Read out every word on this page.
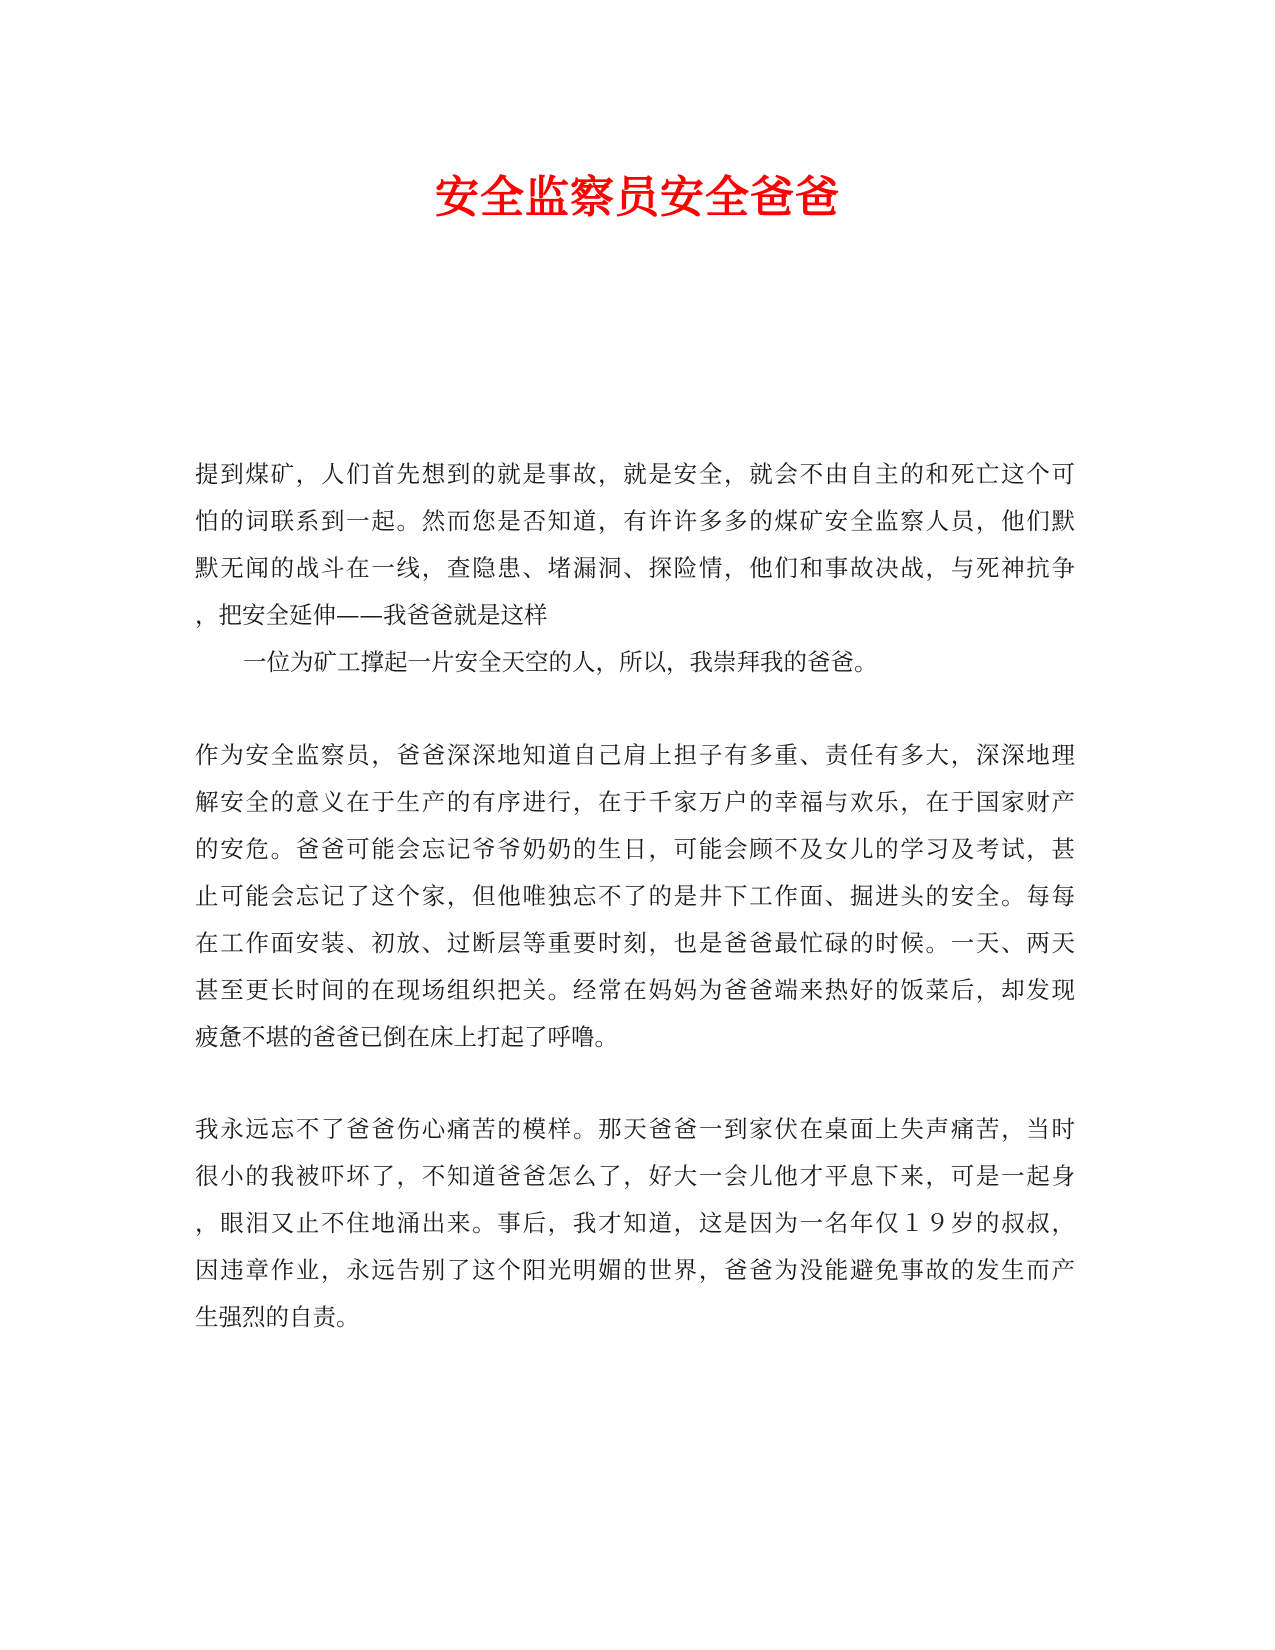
安全监察员安全爸爸
提到煤矿，人们首先想到的就是事故，就是安全，就会不由自主的和死亡这个可
怕的词联系到一起。然而您是否知道，有许许多多的煤矿安全监察人员，他们默
默无闻的战斗在一线，查隐患、堵漏洞、探险情，他们和事故决战，与死神抗争
，把安全延伸——我爸爸就是这样
一位为矿工撑起一片安全天空的人，所以，我崇拜我的爸爸。
作为安全监察员，爸爸深深地知道自己肩上担子有多重、责任有多大，深深地理
解安全的意义在于生产的有序进行，在于千家万户的幸福与欢乐，在于国家财产
的安危。爸爸可能会忘记爷爷奶奶的生日，可能会顾不及女儿的学习及考试，甚
止可能会忘记了这个家，但他唯独忘不了的是井下工作面、掘进头的安全。每每
在工作面安装、初放、过断层等重要时刻，也是爸爸最忙碌的时候。一天、两天
甚至更长时间的在现场组织把关。经常在妈妈为爸爸端来热好的饭菜后，却发现
疲惫不堪的爸爸已倒在床上打起了呼噜。
我永远忘不了爸爸伤心痛苦的模样。那天爸爸一到家伏在桌面上失声痛苦，当时
很小的我被吓坏了，不知道爸爸怎么了，好大一会儿他才平息下来，可是一起身
，眼泪又止不住地涌出来。事后，我才知道，这是因为一名年仅１９岁的叔叔，
因违章作业，永远告别了这个阳光明媚的世界，爸爸为没能避免事故的发生而产
生强烈的自责。
